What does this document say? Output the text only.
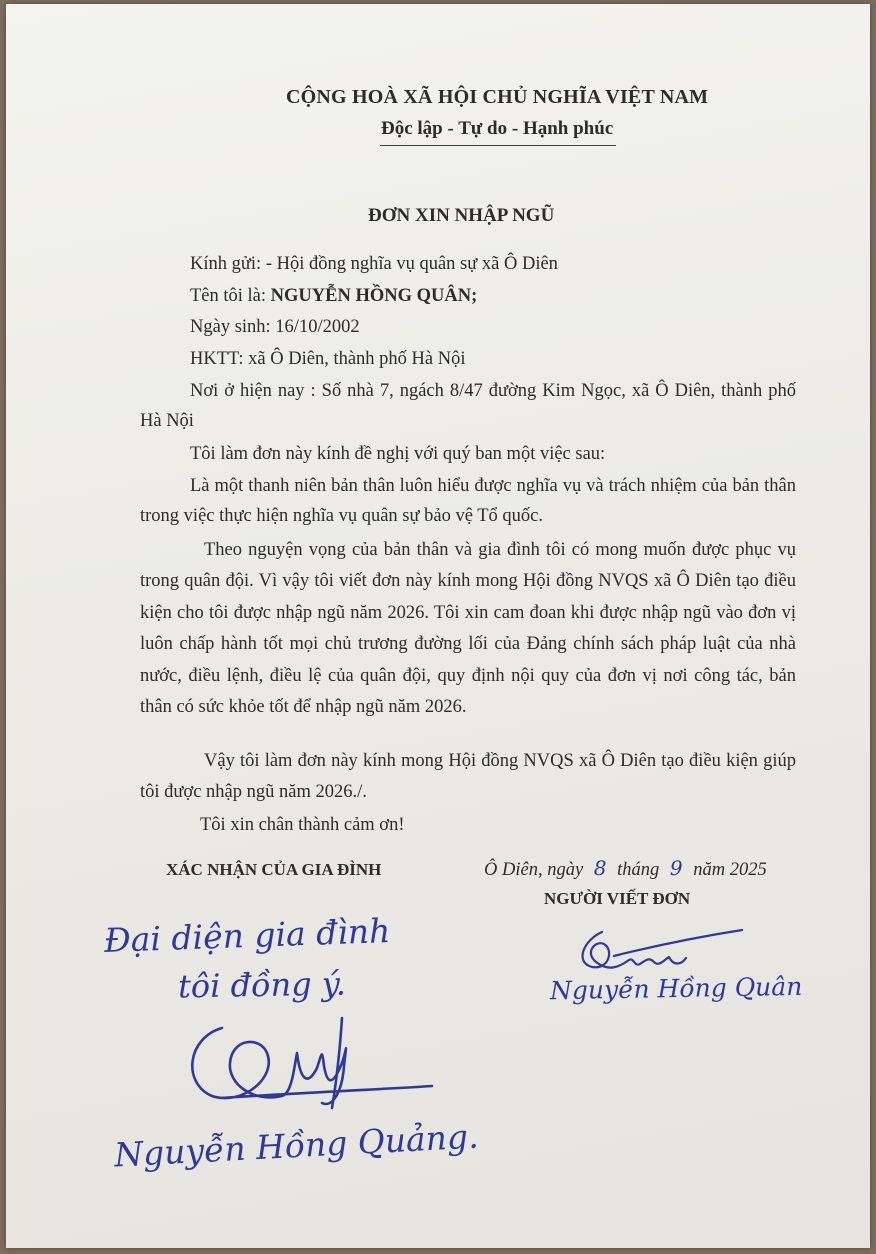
CỘNG HOÀ XÃ HỘI CHỦ NGHĨA VIỆT NAM
Độc lập - Tự do - Hạnh phúc
ĐƠN XIN NHẬP NGŨ
Kính gửi: - Hội đồng nghĩa vụ quân sự xã Ô Diên
Tên tôi là: NGUYỄN HỒNG QUÂN;
Ngày sinh: 16/10/2002
HKTT: xã Ô Diên, thành phố Hà Nội
Nơi ở hiện nay : Số nhà 7, ngách 8/47 đường Kim Ngọc, xã Ô Diên, thành phố Hà Nội
Tôi làm đơn này kính đề nghị với quý ban một việc sau:
Là một thanh niên bản thân luôn hiểu được nghĩa vụ và trách nhiệm của bản thân trong việc thực hiện nghĩa vụ quân sự bảo vệ Tổ quốc.
Theo nguyện vọng của bản thân và gia đình tôi có mong muốn được phục vụ trong quân đội. Vì vậy tôi viết đơn này kính mong Hội đồng NVQS xã Ô Diên tạo điều kiện cho tôi được nhập ngũ năm 2026. Tôi xin cam đoan khi được nhập ngũ vào đơn vị luôn chấp hành tốt mọi chủ trương đường lối của Đảng chính sách pháp luật của nhà nước, điều lệnh, điều lệ của quân đội, quy định nội quy của đơn vị nơi công tác, bản thân có sức khỏe tốt để nhập ngũ năm 2026.
Vậy tôi làm đơn này kính mong Hội đồng NVQS xã Ô Diên tạo điều kiện giúp tôi được nhập ngũ năm 2026./.
Tôi xin chân thành cảm ơn!
XÁC NHẬN CỦA GIA ĐÌNH
Đại diện gia đình
tôi đồng ý.
Nguyễn Hồng Quảng.
Ô Diên, ngày 8 tháng 9 năm 2025
NGƯỜI VIẾT ĐƠN
Nguyễn Hồng Quân
